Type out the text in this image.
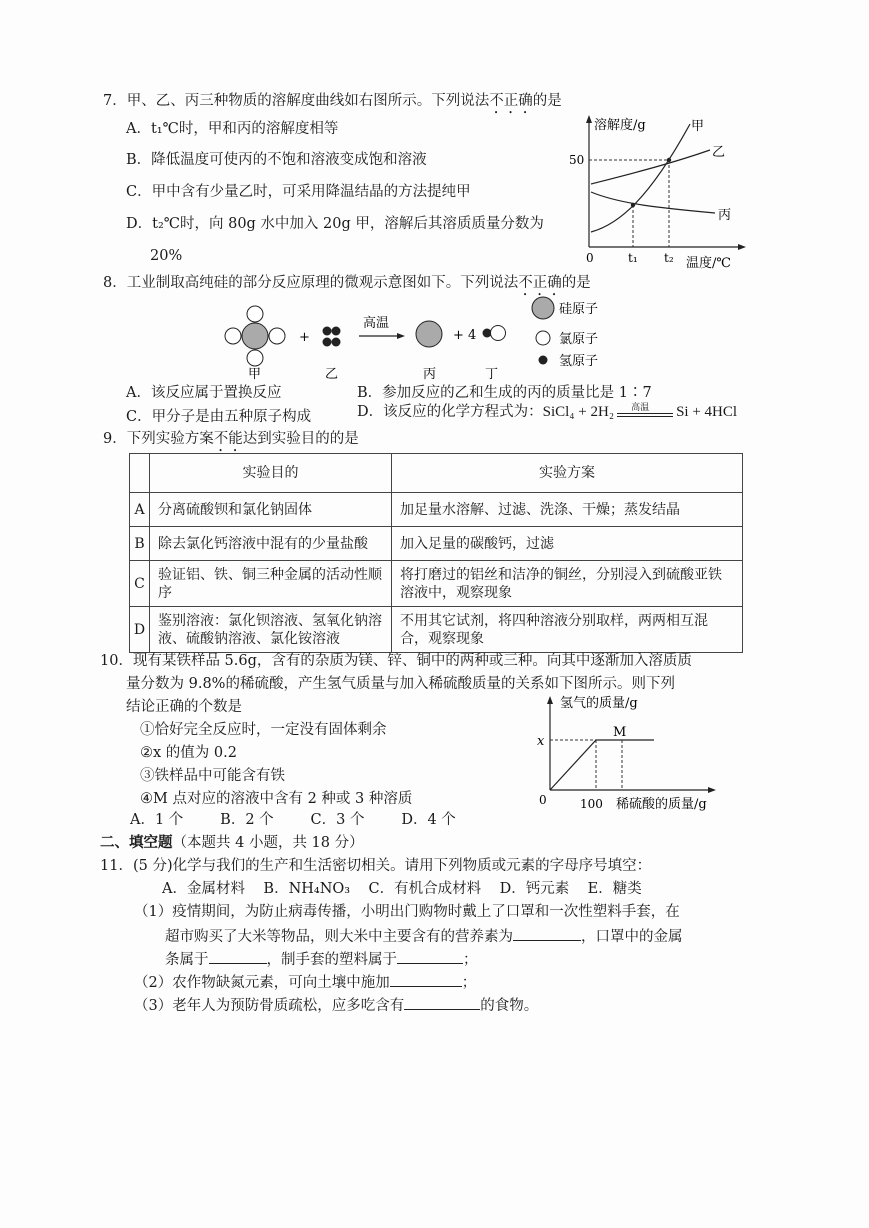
7．甲、乙、丙三种物质的溶解度曲线如右图所示。下列说法不正确的是
A．t₁℃时，甲和丙的溶解度相等
B．降低温度可使丙的不饱和溶液变成饱和溶液
C．甲中含有少量乙时，可采用降温结晶的方法提纯甲
D．t₂℃时，向 80g 水中加入 20g 甲，溶解后其溶质质量分数为
20%
溶解度/g
温度/℃
0
50
t₁ t₂
甲
乙
丙
8．工业制取高纯硅的部分反应原理的微观示意图如下。下列说法不正确的是
+
高温
+ 4
甲	乙	丙	丁
硅原子
氯原子
氢原子
A．该反应属于置换反应	B．参加反应的乙和生成的丙的质量比是 1∶7
C．甲分子是由五种原子构成	D．该反应的化学方程式为：SiCl₄ + 2H₂ 高温 Si + 4HCl
9．下列实验方案不能达到实验目的的是
	实验目的	实验方案
A	分离硫酸钡和氯化钠固体	加足量水溶解、过滤、洗涤、干燥；蒸发结晶
B	除去氯化钙溶液中混有的少量盐酸	加入足量的碳酸钙，过滤
C	验证铝、铁、铜三种金属的活动性顺序	将打磨过的铝丝和洁净的铜丝，分别浸入到硫酸亚铁溶液中，观察现象
D	鉴别溶液：氯化钡溶液、氢氧化钠溶液、硫酸钠溶液、氯化铵溶液	不用其它试剂，将四种溶液分别取样，两两相互混合，观察现象
10．现有某铁样品 5.6g，含有的杂质为镁、锌、铜中的两种或三种。向其中逐渐加入溶质质
量分数为 9.8%的稀硫酸，产生氢气质量与加入稀硫酸质量的关系如下图所示。则下列
结论正确的个数是
①恰好完全反应时，一定没有固体剩余
②x 的值为 0.2
③铁样品中可能含有铁
④M 点对应的溶液中含有 2 种或 3 种溶质
A．1 个        B．2 个        C．3 个        D．4 个
氢气的质量/g
稀硫酸的质量/g
0	100
x
M
二、填空题（本题共 4 小题，共 18 分）
11．(5 分)化学与我们的生产和生活密切相关。请用下列物质或元素的字母序号填空：
A．金属材料    B．NH₄NO₃    C．有机合成材料    D．钙元素    E．糖类
（1）疫情期间，为防止病毒传播，小明出门购物时戴上了口罩和一次性塑料手套，在
超市购买了大米等物品，则大米中主要含有的营养素为	，口罩中的金属
条属于	，制手套的塑料属于	；
（2）农作物缺氮元素，可向土壤中施加	；
（3）老年人为预防骨质疏松，应多吃含有	的食物。
